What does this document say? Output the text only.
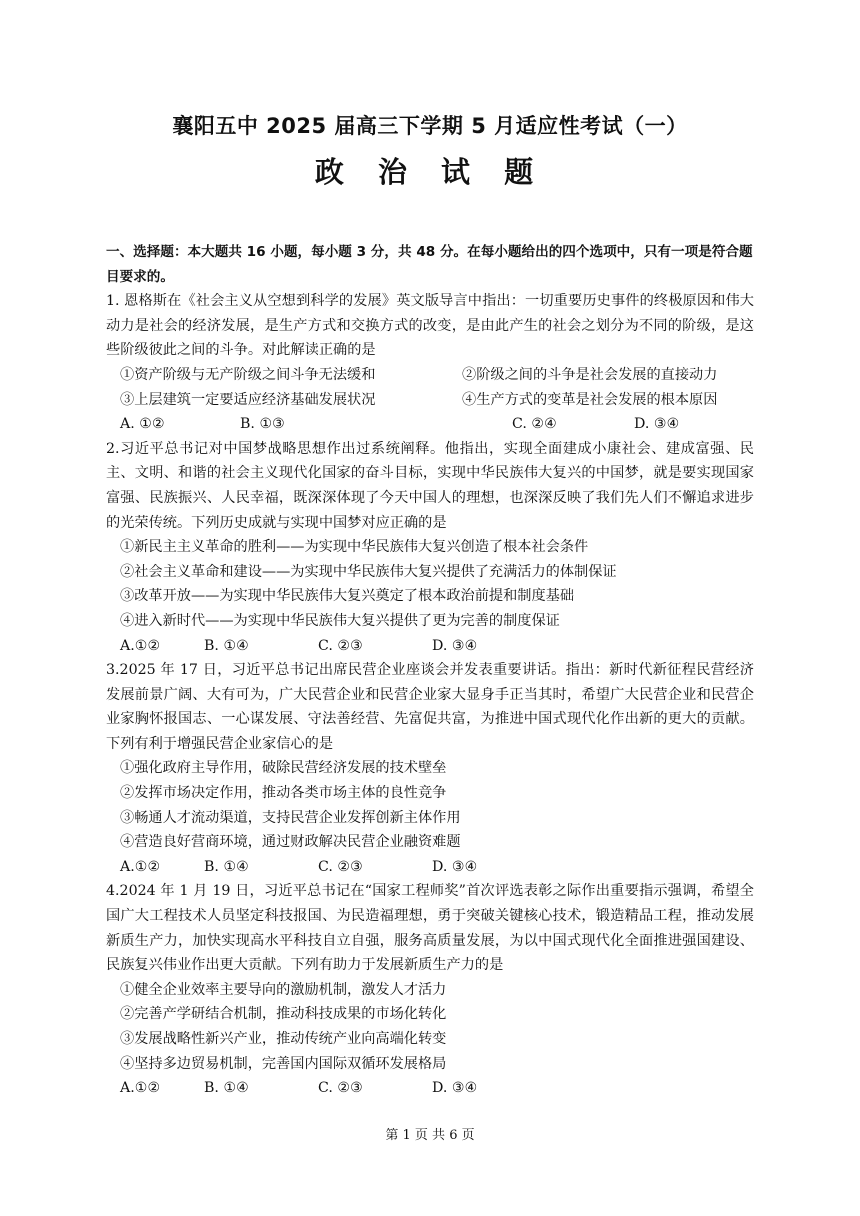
襄阳五中 2025 届高三下学期 5 月适应性考试（一）
政 治 试 题

一、选择题：本大题共 16 小题，每小题 3 分，共 48 分。在每小题给出的四个选项中，只有一项是符合题目要求的。

1. 恩格斯在《社会主义从空想到科学的发展》英文版导言中指出：一切重要历史事件的终极原因和伟大动力是社会的经济发展，是生产方式和交换方式的改变，是由此产生的社会之划分为不同的阶级，是这些阶级彼此之间的斗争。对此解读正确的是

①资产阶级与无产阶级之间斗争无法缓和	②阶级之间的斗争是社会发展的直接动力
③上层建筑一定要适应经济基础发展状况	④生产方式的变革是社会发展的根本原因
A. ①②	B. ①③	C. ②④	D. ③④

2.习近平总书记对中国梦战略思想作出过系统阐释。他指出，实现全面建成小康社会、建成富强、民主、文明、和谐的社会主义现代化国家的奋斗目标，实现中华民族伟大复兴的中国梦，就是要实现国家富强、民族振兴、人民幸福，既深深体现了今天中国人的理想，也深深反映了我们先人们不懈追求进步的光荣传统。下列历史成就与实现中国梦对应正确的是

①新民主主义革命的胜利——为实现中华民族伟大复兴创造了根本社会条件

②社会主义革命和建设——为实现中华民族伟大复兴提供了充满活力的体制保证

③改革开放——为实现中华民族伟大复兴奠定了根本政治前提和制度基础

④进入新时代——为实现中华民族伟大复兴提供了更为完善的制度保证

A.①②	B. ①④	C. ②③	D. ③④

3.2025 年 17 日，习近平总书记出席民营企业座谈会并发表重要讲话。指出：新时代新征程民营经济发展前景广阔、大有可为，广大民营企业和民营企业家大显身手正当其时，希望广大民营企业和民营企业家胸怀报国志、一心谋发展、守法善经营、先富促共富，为推进中国式现代化作出新的更大的贡献。下列有利于增强民营企业家信心的是

①强化政府主导作用，破除民营经济发展的技术壁垒

②发挥市场决定作用，推动各类市场主体的良性竞争

③畅通人才流动渠道，支持民营企业发挥创新主体作用

④营造良好营商环境，通过财政解决民营企业融资难题

A.①②	B. ①④	C. ②③	D. ③④

4.2024 年 1 月 19 日，习近平总书记在“国家工程师奖”首次评选表彰之际作出重要指示强调，希望全国广大工程技术人员坚定科技报国、为民造福理想，勇于突破关键核心技术，锻造精品工程，推动发展新质生产力，加快实现高水平科技自立自强，服务高质量发展，为以中国式现代化全面推进强国建设、民族复兴伟业作出更大贡献。下列有助力于发展新质生产力的是

①健全企业效率主要导向的激励机制，激发人才活力

②完善产学研结合机制，推动科技成果的市场化转化

③发展战略性新兴产业，推动传统产业向高端化转变

④坚持多边贸易机制，完善国内国际双循环发展格局

A.①②	B. ①④	C. ②③	D. ③④
第 1 页 共 6 页
